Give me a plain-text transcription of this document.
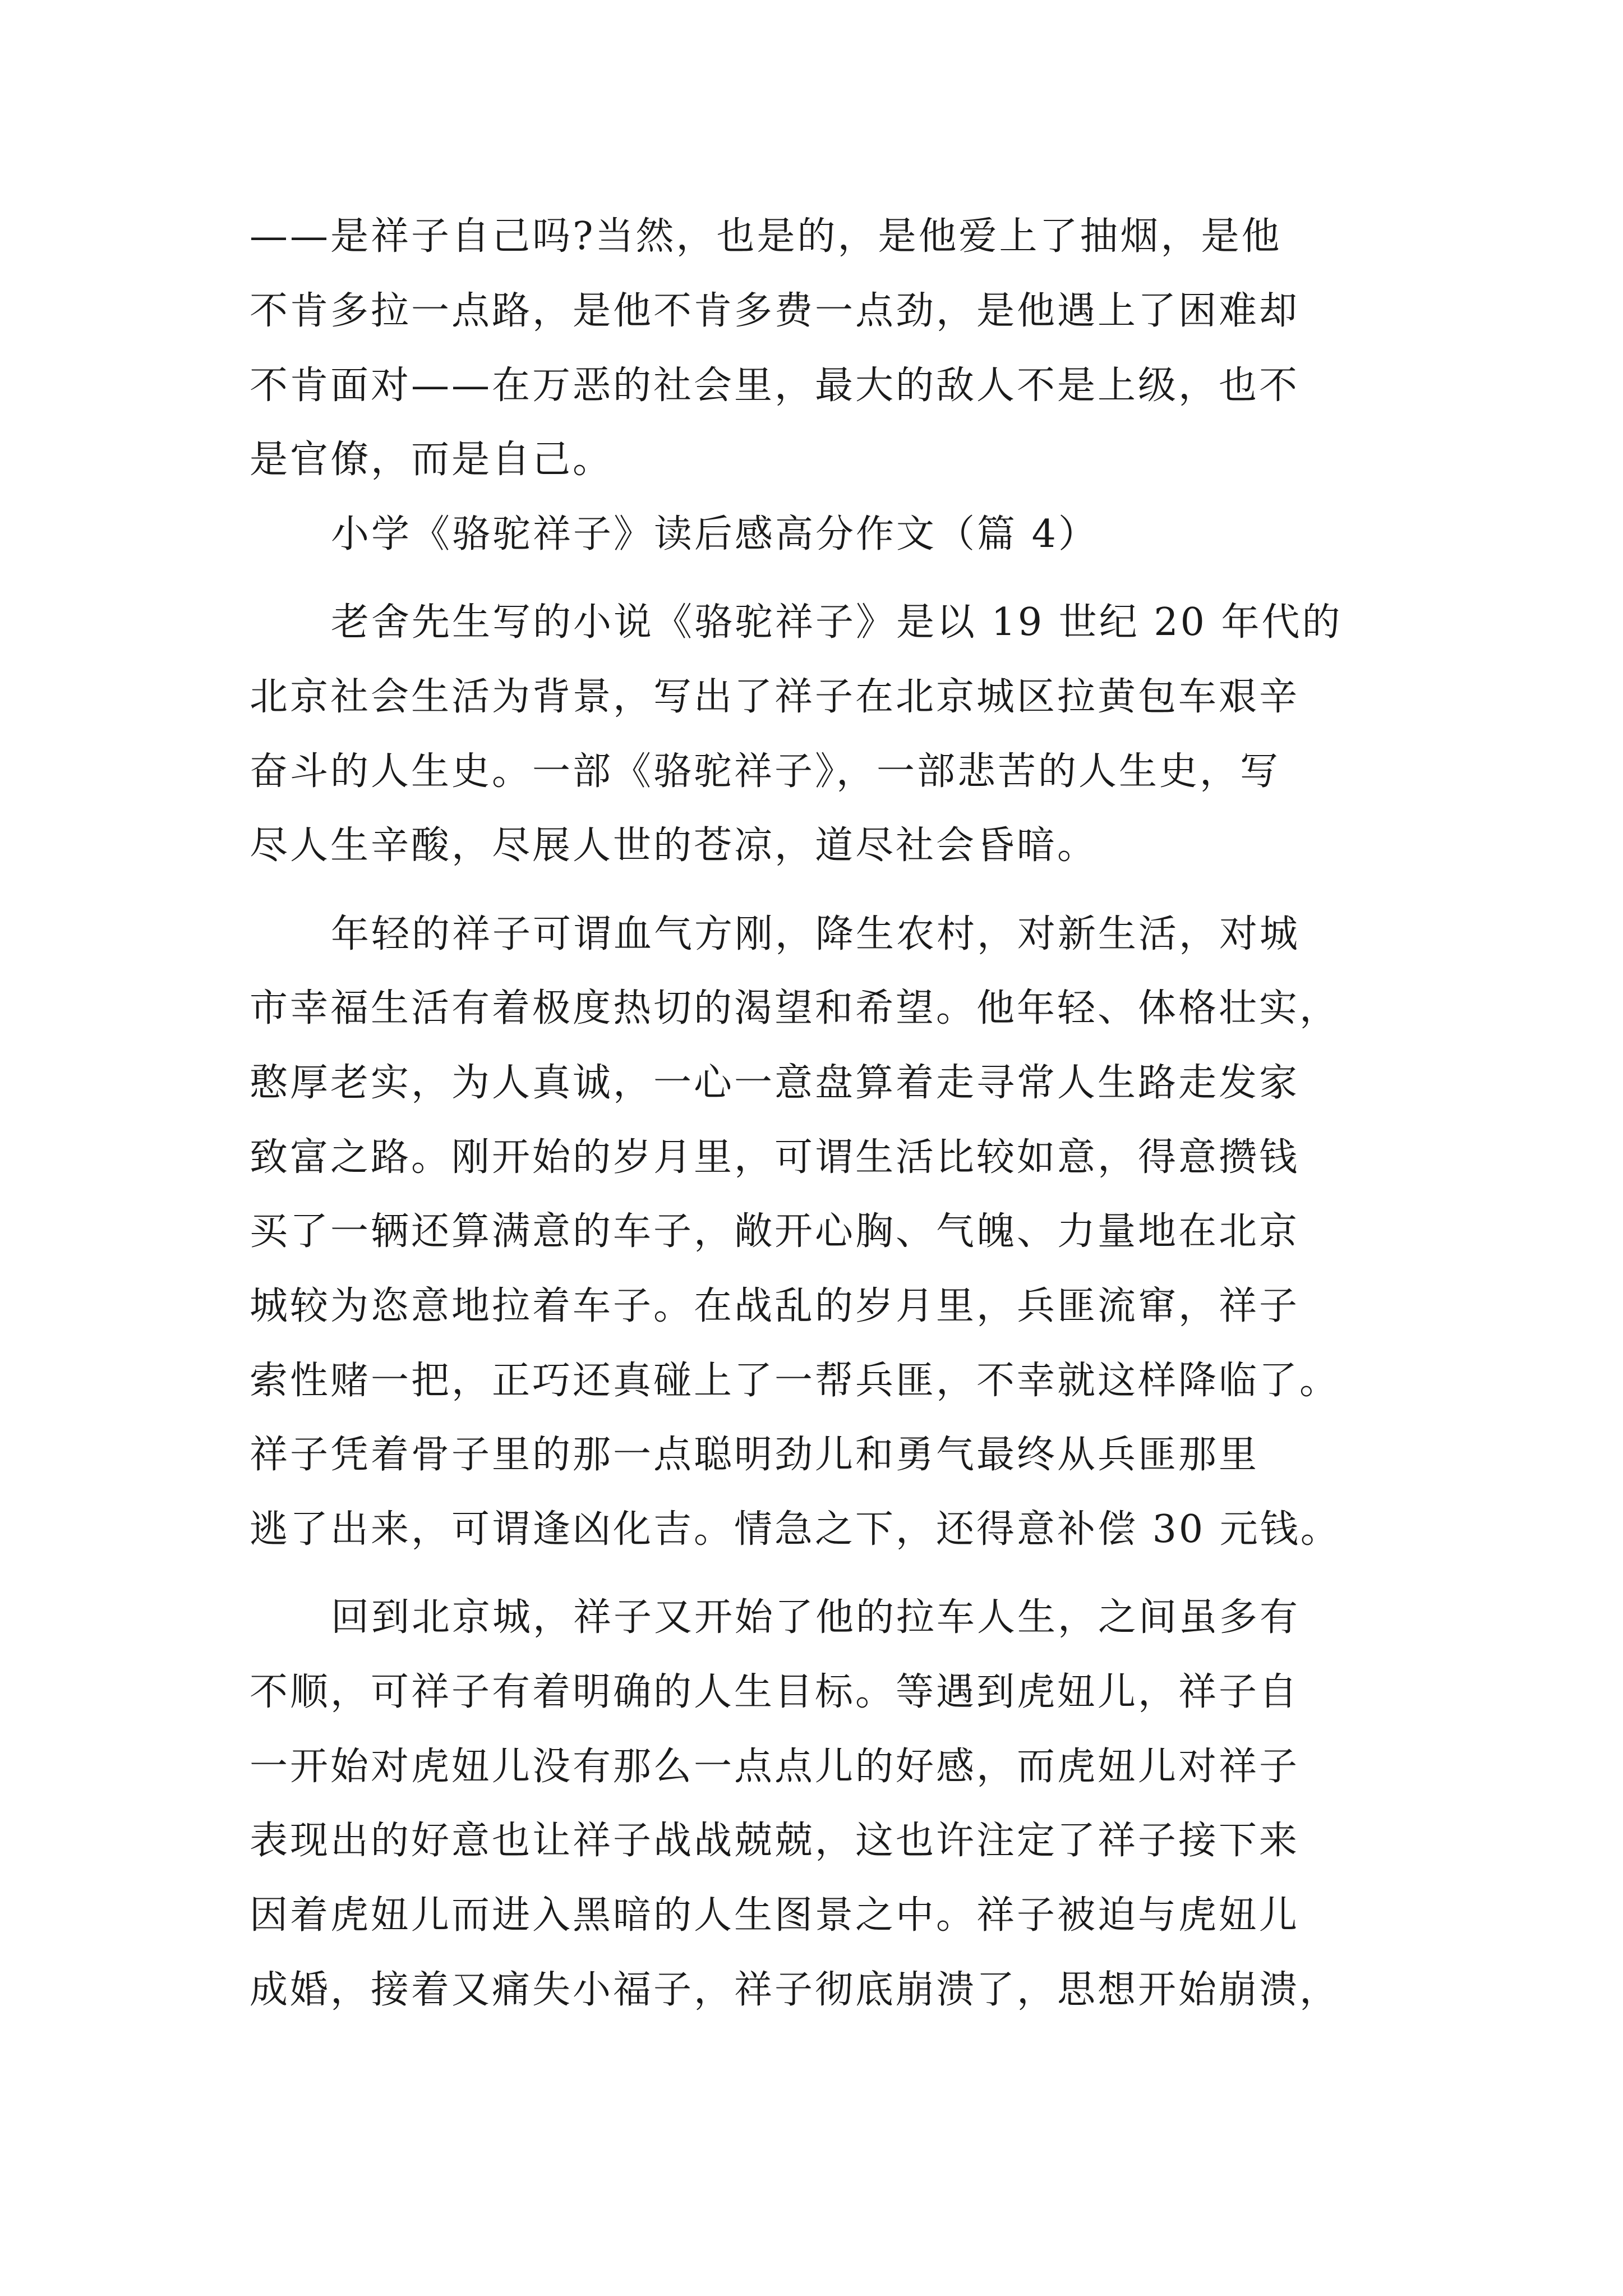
——是祥子自己吗?当然，也是的，是他爱上了抽烟，是他
不肯多拉一点路，是他不肯多费一点劲，是他遇上了困难却
不肯面对——在万恶的社会里，最大的敌人不是上级，也不
是官僚，而是自己。
小学《骆驼祥子》读后感高分作文（篇 4）
老舍先生写的小说《骆驼祥子》是以 19 世纪 20 年代的
北京社会生活为背景，写出了祥子在北京城区拉黄包车艰辛
奋斗的人生史。一部《骆驼祥子》，一部悲苦的人生史，写
尽人生辛酸，尽展人世的苍凉，道尽社会昏暗。
年轻的祥子可谓血气方刚，降生农村，对新生活，对城
市幸福生活有着极度热切的渴望和希望。他年轻、体格壮实，
憨厚老实，为人真诚，一心一意盘算着走寻常人生路走发家
致富之路。刚开始的岁月里，可谓生活比较如意，得意攒钱
买了一辆还算满意的车子，敞开心胸、气魄、力量地在北京
城较为恣意地拉着车子。在战乱的岁月里，兵匪流窜，祥子
索性赌一把，正巧还真碰上了一帮兵匪，不幸就这样降临了。
祥子凭着骨子里的那一点聪明劲儿和勇气最终从兵匪那里
逃了出来，可谓逢凶化吉。情急之下，还得意补偿 30 元钱。
回到北京城，祥子又开始了他的拉车人生，之间虽多有
不顺，可祥子有着明确的人生目标。等遇到虎妞儿，祥子自
一开始对虎妞儿没有那么一点点儿的好感，而虎妞儿对祥子
表现出的好意也让祥子战战兢兢，这也许注定了祥子接下来
因着虎妞儿而进入黑暗的人生图景之中。祥子被迫与虎妞儿
成婚，接着又痛失小福子，祥子彻底崩溃了，思想开始崩溃，
